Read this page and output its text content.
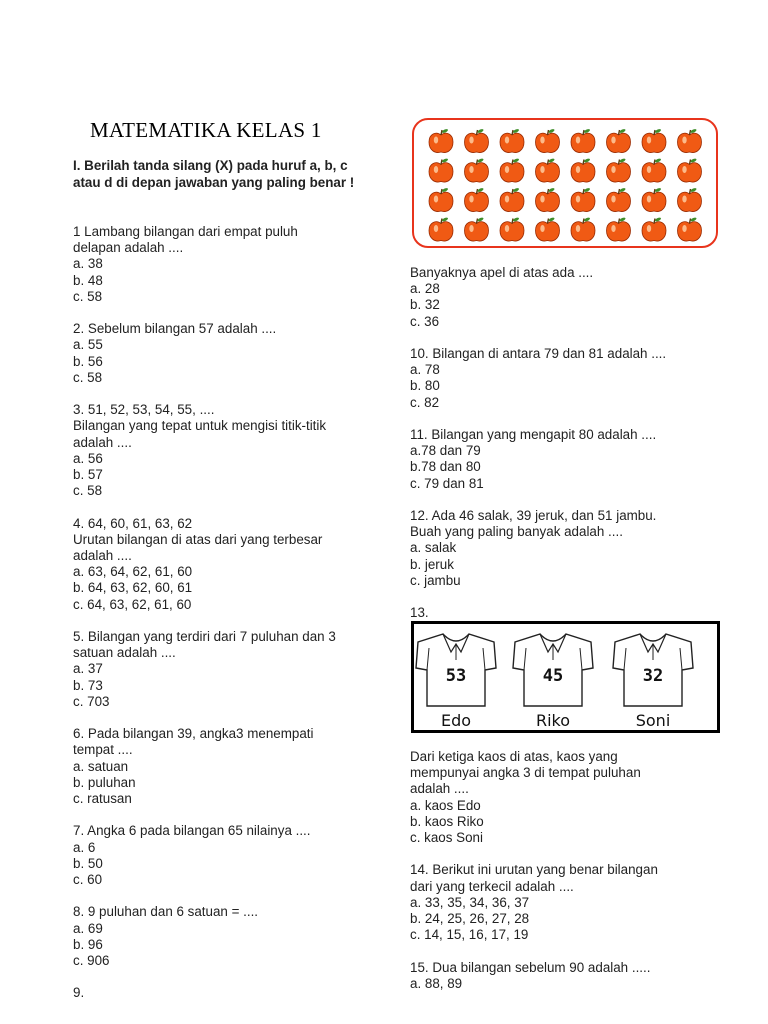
MATEMATIKA KELAS 1
I. Berilah tanda silang (X) pada huruf a, b, c atau d di depan jawaban yang paling benar !
1 Lambang bilangan dari empat puluh
delapan adalah ....
a. 38
b. 48
c. 58
2. Sebelum bilangan 57 adalah ....
a. 55
b. 56
c. 58
3. 51, 52, 53, 54, 55, ....
Bilangan yang tepat untuk mengisi titik-titik
adalah ....
a. 56
b. 57
c. 58
4. 64, 60, 61, 63, 62
Urutan bilangan di atas dari yang terbesar
adalah ....
a. 63, 64, 62, 61, 60
b. 64, 63, 62, 60, 61
c. 64, 63, 62, 61, 60
5. Bilangan yang terdiri dari 7 puluhan dan 3
satuan adalah ....
a. 37
b. 73
c. 703
6. Pada bilangan 39, angka3 menempati
tempat ....
a. satuan
b. puluhan
c. ratusan
7. Angka 6 pada bilangan 65 nilainya ....
a. 6
b. 50
c. 60
8. 9 puluhan dan 6 satuan = ....
a. 69
b. 96
c. 906
9.
Banyaknya apel di atas ada ....
a. 28
b. 32
c. 36
10. Bilangan di antara 79 dan 81 adalah ....
a. 78
b. 80
c. 82
11. Bilangan yang mengapit 80 adalah ....
a.78 dan 79
b.78 dan 80
c. 79 dan 81
12. Ada 46 salak, 39 jeruk, dan 51 jambu.
Buah yang paling banyak adalah ....
a. salak
b. jeruk
c. jambu
13.
53
Edo
45
Riko
32
Soni
Dari ketiga kaos di atas, kaos yang
mempunyai angka 3 di tempat puluhan
adalah ....
a. kaos Edo
b. kaos Riko
c. kaos Soni
14. Berikut ini urutan yang benar bilangan
dari yang terkecil adalah ....
a. 33, 35, 34, 36, 37
b. 24, 25, 26, 27, 28
c. 14, 15, 16, 17, 19
15. Dua bilangan sebelum 90 adalah .....
a. 88, 89
